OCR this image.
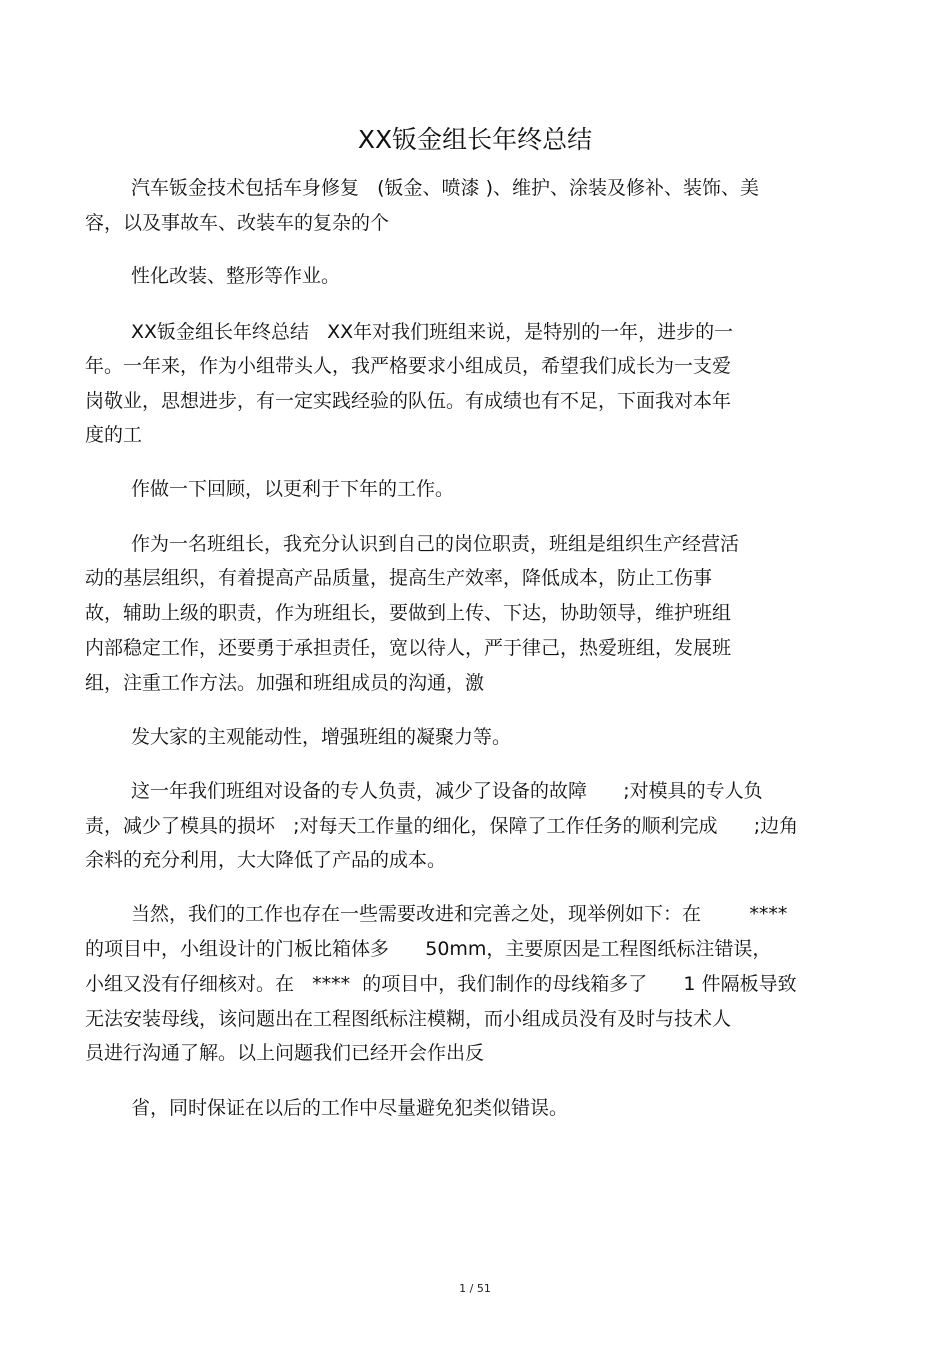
XX钣金组长年终总结
汽车钣金技术包括车身修复   (钣金、喷漆 )、维护、涂装及修补、装饰、美
容，以及事故车、改装车的复杂的个
性化改装、整形等作业。
XX钣金组长年终总结   XX年对我们班组来说，是特别的一年，进步的一
年。一年来，作为小组带头人，我严格要求小组成员，希望我们成长为一支爱
岗敬业，思想进步，有一定实践经验的队伍。有成绩也有不足，下面我对本年
度的工
作做一下回顾，以更利于下年的工作。
作为一名班组长，我充分认识到自己的岗位职责，班组是组织生产经营活
动的基层组织，有着提高产品质量，提高生产效率，降低成本，防止工伤事
故，辅助上级的职责，作为班组长，要做到上传、下达，协助领导，维护班组
内部稳定工作，还要勇于承担责任，宽以待人，严于律己，热爱班组，发展班
组，注重工作方法。加强和班组成员的沟通，激
发大家的主观能动性，增强班组的凝聚力等。
这一年我们班组对设备的专人负责，减少了设备的故障      ;对模具的专人负
责，减少了模具的损坏   ;对每天工作量的细化，保障了工作任务的顺利完成      ;边角
余料的充分利用，大大降低了产品的成本。
当然，我们的工作也存在一些需要改进和完善之处，现举例如下：在        ****
的项目中，小组设计的门板比箱体多      50mm，主要原因是工程图纸标注错误，
小组又没有仔细核对。在   ****  的项目中，我们制作的母线箱多了      1 件隔板导致
无法安装母线，该问题出在工程图纸标注模糊，而小组成员没有及时与技术人
员进行沟通了解。以上问题我们已经开会作出反
省，同时保证在以后的工作中尽量避免犯类似错误。
1 / 51
